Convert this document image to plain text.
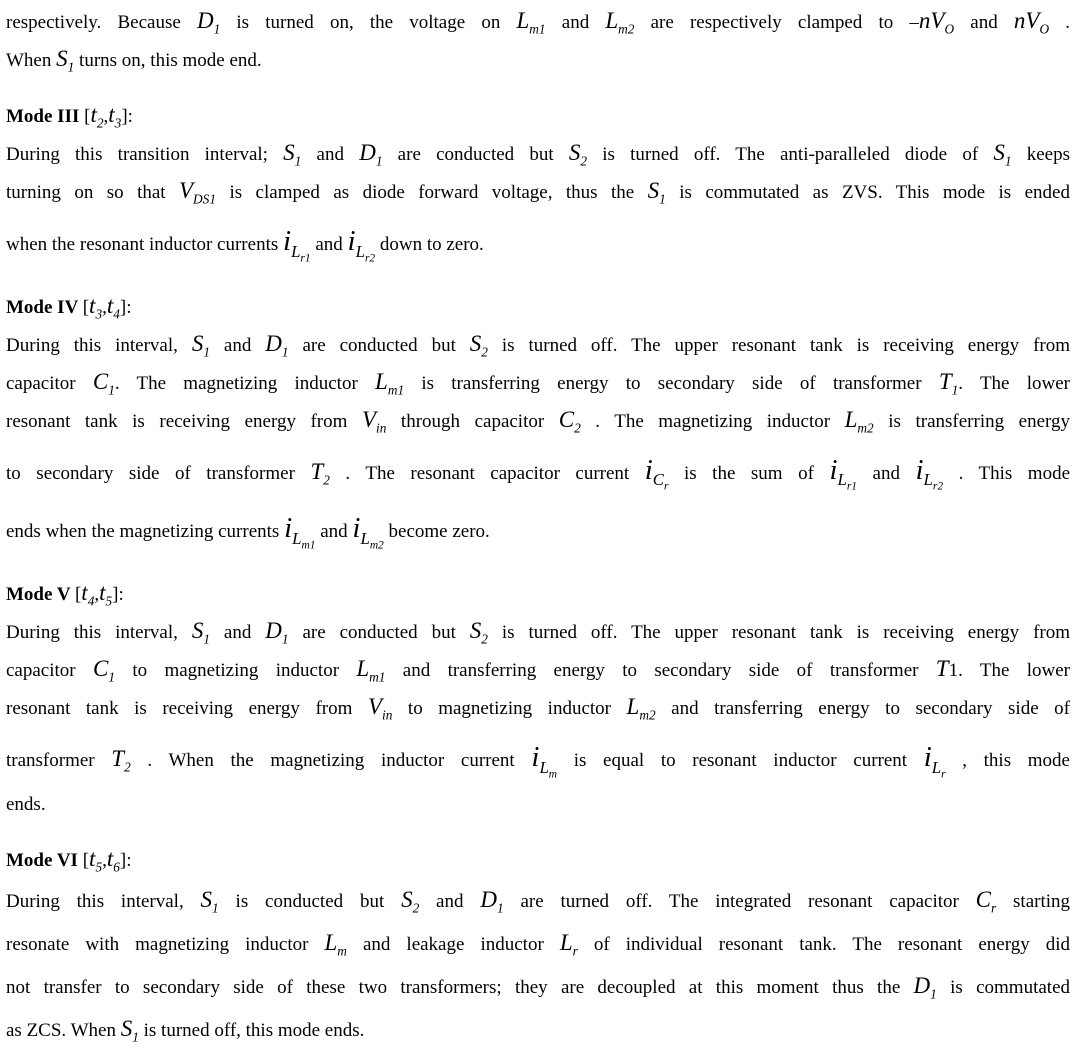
respectively. Because $D_1$ is turned on, the voltage on $L_{m1}$ and $L_{m2}$ are respectively clamped to $-nV_O$ and $nV_O$ .
When $S_1$ turns on, this mode end.
Mode III $[t_2,t_3]$:
During this transition interval; $S_1$ and $D_1$ are conducted but $S_2$ is turned off. The anti-paralleled diode of $S_1$ keeps
turning on so that $V_{DS1}$ is clamped as diode forward voltage, thus the $S_1$ is commutated as ZVS. This mode is ended
when the resonant inductor currents $i_{L_{r1}}$ and $i_{L_{r2}}$ down to zero.
Mode IV $[t_3,t_4]$:
During this interval, $S_1$ and $D_1$ are conducted but $S_2$ is turned off. The upper resonant tank is receiving energy from
capacitor $C_1$. The magnetizing inductor $L_{m1}$ is transferring energy to secondary side of transformer $T_1$. The lower
resonant tank is receiving energy from $V_{in}$ through capacitor $C_2$ . The magnetizing inductor $L_{m2}$ is transferring energy
to secondary side of transformer $T_2$ . The resonant capacitor current $i_{C_r}$ is the sum of $i_{L_{r1}}$ and $i_{L_{r2}}$ . This mode
ends when the magnetizing currents $i_{L_{m1}}$ and $i_{L_{m2}}$ become zero.
Mode V $[t_4,t_5]$:
During this interval, $S_1$ and $D_1$ are conducted but $S_2$ is turned off. The upper resonant tank is receiving energy from
capacitor $C_1$ to magnetizing inductor $L_{m1}$ and transferring energy to secondary side of transformer T1. The lower
resonant tank is receiving energy from $V_{in}$ to magnetizing inductor $L_{m2}$ and transferring energy to secondary side of
transformer $T_2$ . When the magnetizing inductor current $i_{L_m}$ is equal to resonant inductor current $i_{L_r}$ , this mode
ends.
Mode VI $[t_5,t_6]$:
During this interval, $S_1$ is conducted but $S_2$ and $D_1$ are turned off. The integrated resonant capacitor $C_r$ starting
resonate with magnetizing inductor $L_m$ and leakage inductor $L_r$ of individual resonant tank. The resonant energy did
not transfer to secondary side of these two transformers; they are decoupled at this moment thus the $D_1$ is commutated
as ZCS. When $S_1$ is turned off, this mode ends.
